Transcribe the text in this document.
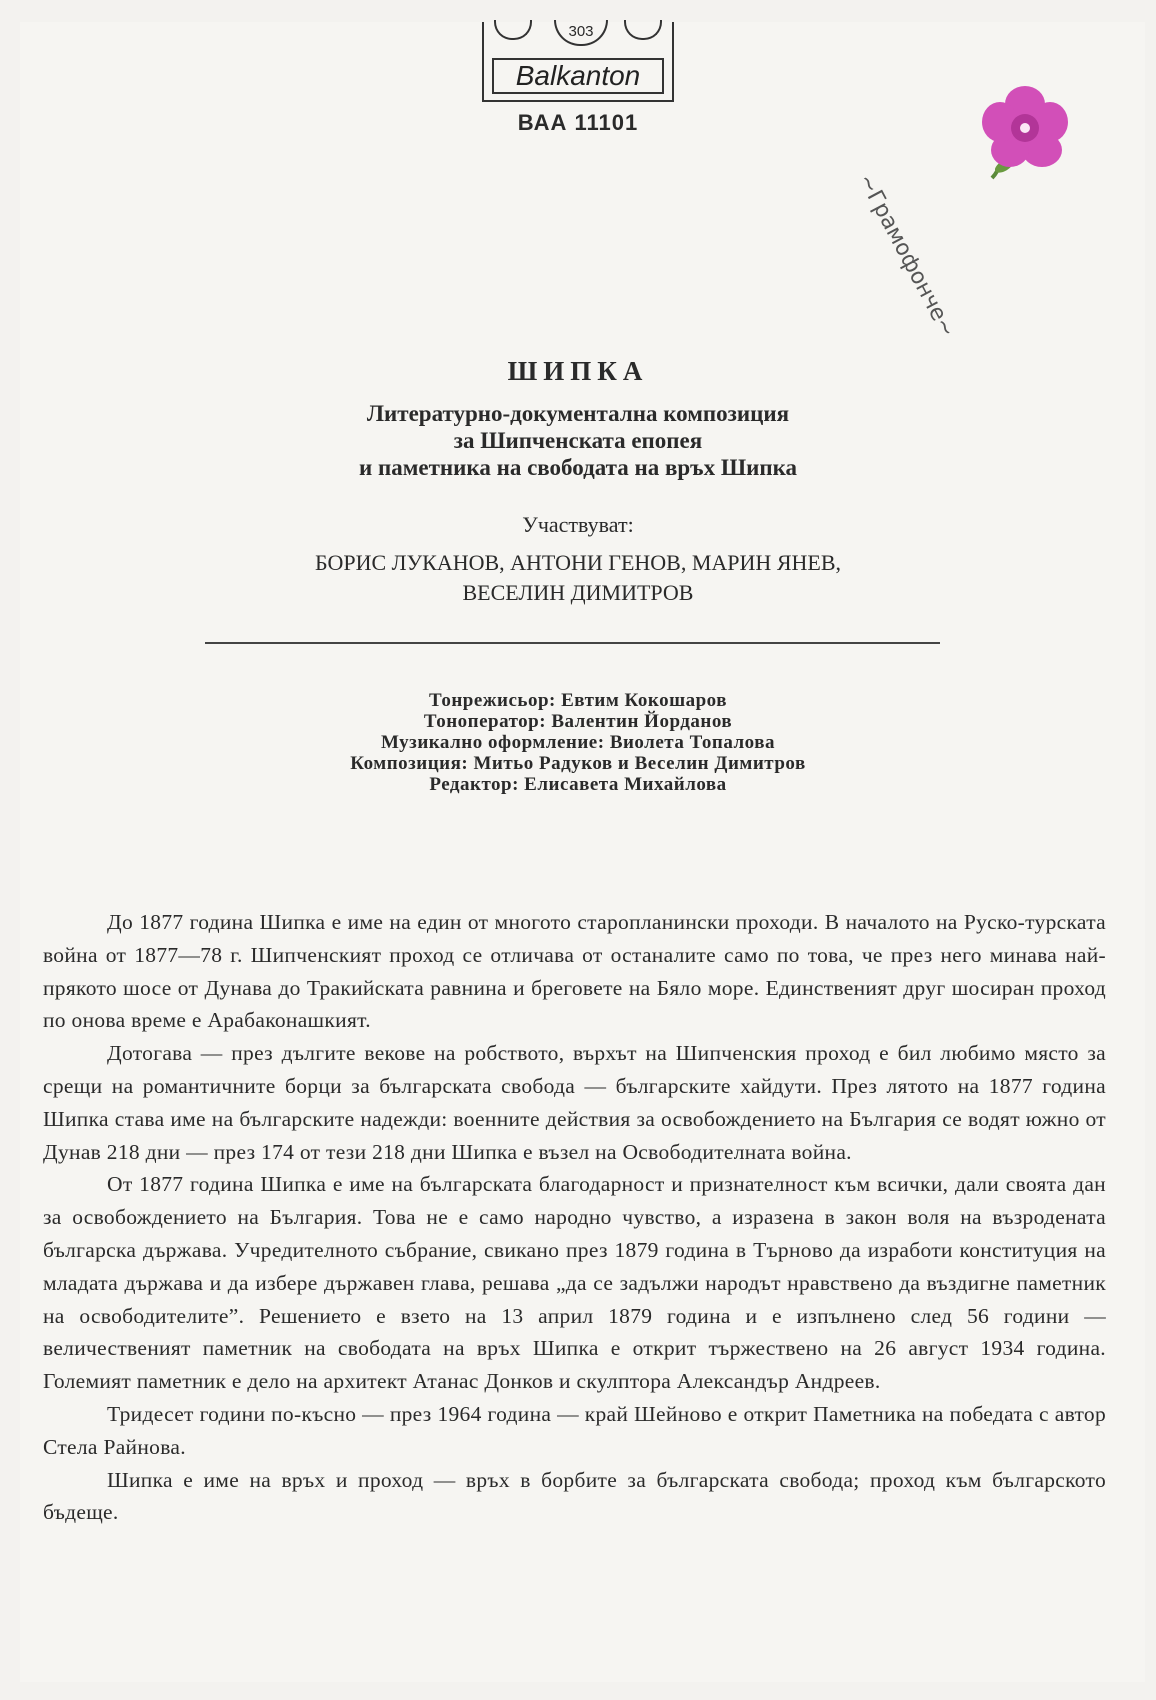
303
Balkanton
ВАА 11101
~Грамофонче~
ШИПКА
Литературно-документална композиция
за Шипченската епопея
и паметника на свободата на връх Шипка
Участвуват:
БОРИС ЛУКАНОВ, АНТОНИ ГЕНОВ, МАРИН ЯНЕВ,
ВЕСЕЛИН ДИМИТРОВ
Тонрежисьор: Евтим Кокошаров
Тоноператор: Валентин Йорданов
Музикално оформление: Виолета Топалова
Композиция: Митьо Радуков и Веселин Димитров
Редактор: Елисавета Михайлова

До 1877 година Шипка е име на един от многото старопланински проходи. В началото на Руско-турската война от 1877—78 г. Шипченският проход се отличава от останалите само по това, че през него минава най-прякото шосе от Дунава до Тракийската равнина и бреговете на Бяло море. Единственият друг шосиран проход по онова време е Арабаконашкият.

Дотогава — през дългите векове на робството, върхът на Шипченския проход е бил любимо място за срещи на романтичните борци за българската свобода — българските хайдути. През лятото на 1877 година Шипка става име на българските надежди: военните действия за освобождението на България се водят южно от Дунав 218 дни — през 174 от тези 218 дни Шипка е възел на Освободителната война.

От 1877 година Шипка е име на българската благодарност и признателност към всички, дали своята дан за освобождението на България. Това не е само народно чувство, а изразена в закон воля на възродената българска държава. Учредителното събрание, свикано през 1879 година в Търново да изработи конституция на младата държава и да избере държавен глава, решава „да се задължи народът нравствено да въздигне паметник на освободителите”. Решението е взето на 13 април 1879 година и е изпълнено след 56 години — величественият паметник на свободата на връх Шипка е открит тържествено на 26 август 1934 година. Големият паметник е дело на архитект Атанас Донков и скулптора Александър Андреев.

Тридесет години по-късно — през 1964 година — край Шейново е открит Паметника на победата с автор Стела Райнова.

Шипка е име на връх и проход — връх в борбите за българската свобода; проход към българското бъдеще.
